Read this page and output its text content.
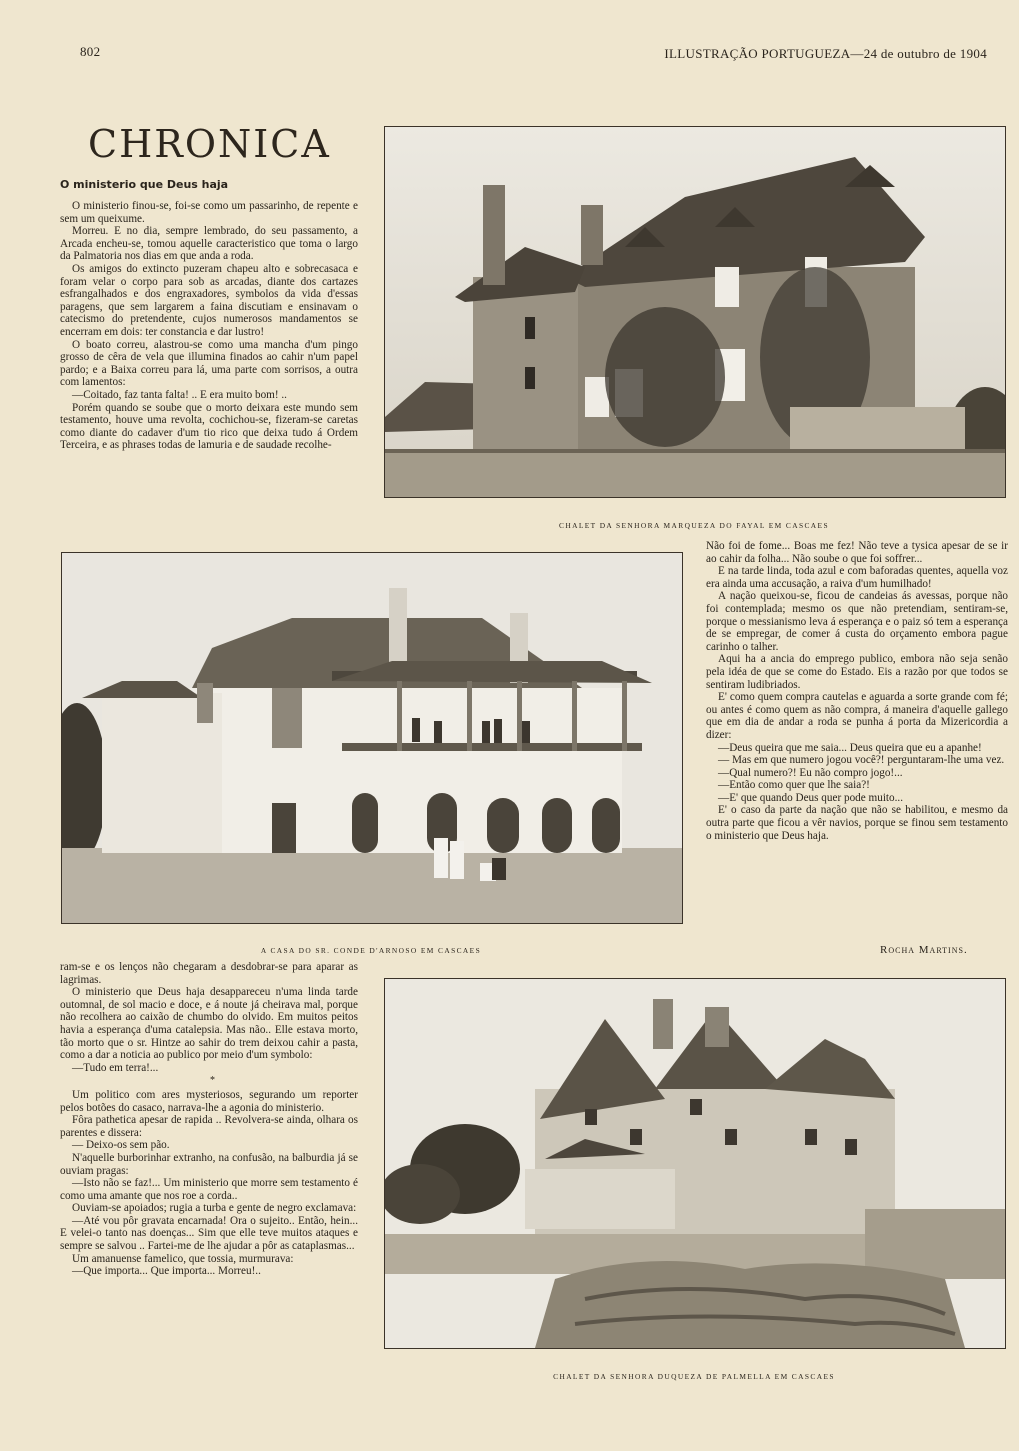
802	ILLUSTRAÇÃO PORTUGUEZA—24 de outubro de 1904
CHRONICA
O ministerio que Deus haja

O ministerio finou-se, foi-se como um passarinho, de repente e sem um queixume.

Morreu. E no dia, sempre lembrado, do seu passamento, a Arcada encheu-se, tomou aquelle caracteristico que toma o largo da Palmatoria nos dias em que anda a roda.

Os amigos do extincto puzeram chapeu alto e sobrecasaca e foram velar o corpo para sob as arcadas, diante dos cartazes esfrangalhados e dos engraxadores, symbolos da vida d'essas paragens, que sem largarem a faina discutiam e ensinavam o catecismo do pretendente, cujos numerosos mandamentos se encerram em dois: ter constancia e dar lustro!

O boato correu, alastrou-se como uma mancha d'um pingo grosso de cêra de vela que illumina finados ao cahir n'um papel pardo; e a Baixa correu para lá, uma parte com sorrisos, a outra com lamentos:

—Coitado, faz tanta falta! .. E era muito bom! ..

Porém quando se soube que o morto deixara este mundo sem testamento, houve uma revolta, cochichou-se, fizeram-se caretas como diante do cadaver d'um tio rico que deixa tudo á Ordem Terceira, e as phrases todas de lamuria e de saudade recolhe-

CHALET DA SENHORA MARQUEZA DO FAYAL EM CASCAES
A CASA DO SR. CONDE D'ARNOSO EM CASCAES

Não foi de fome... Boas me fez! Não teve a tysica apesar de se ir ao cahir da folha... Não soube o que foi soffrer...

E na tarde linda, toda azul e com baforadas quentes, aquella voz era ainda uma accusação, a raiva d'um humilhado!

A nação queixou-se, ficou de candeias ás avessas, porque não foi contemplada; mesmo os que não pretendiam, sentiram-se, porque o messianismo leva á esperança e o paiz só tem a esperança de se empregar, de comer á custa do orçamento embora pague carinho o talher.

Aqui ha a ancia do emprego publico, embora não seja senão pela idéa de que se come do Estado. Eis a razão por que todos se sentiram ludibriados.

E' como quem compra cautelas e aguarda a sorte grande com fé; ou antes é como quem as não compra, á maneira d'aquelle gallego que em dia de andar a roda se punha á porta da Mizericordia a dizer:

—Deus queira que me saia... Deus queira que eu a apanhe!

— Mas em que numero jogou você?! perguntaram-lhe uma vez.

—Qual numero?! Eu não compro jogo!...

—Então como quer que lhe saia?!

—E' que quando Deus quer pode muito...

E' o caso da parte da nação que não se habilitou, e mesmo da outra parte que ficou a vêr navios, porque se finou sem testamento o ministerio que Deus haja.

Rocha Martins.

ram-se e os lenços não chegaram a desdobrar-se para aparar as lagrimas.

O ministerio que Deus haja desappareceu n'uma linda tarde outomnal, de sol macio e doce, e á noute já cheirava mal, porque não recolhera ao caixão de chumbo do olvido. Em muitos peitos havia a esperança d'uma catalepsia. Mas não.. Elle estava morto, tão morto que o sr. Hintze ao sahir do trem deixou cahir a pasta, como a dar a noticia ao publico por meio d'um symbolo:

—Tudo em terra!...

*

Um politico com ares mysteriosos, segurando um reporter pelos botões do casaco, narrava-lhe a agonia do ministerio.

Fôra pathetica apesar de rapida .. Revolvera-se ainda, olhara os parentes e dissera:

— Deixo-os sem pão.

N'aquelle burborinhar extranho, na confusão, na balburdia já se ouviam pragas:

—Isto não se faz!... Um ministerio que morre sem testamento é como uma amante que nos roe a corda..

Ouviam-se apoiados; rugia a turba e gente de negro exclamava:

—Até vou pôr gravata encarnada! Ora o sujeito.. Então, hein... E velei-o tanto nas doenças... Sim que elle teve muitos ataques e sempre se salvou .. Fartei-me de lhe ajudar a pôr as cataplasmas...

Um amanuense famelico, que tossia, murmurava:

—Que importa... Que importa... Morreu!..

CHALET DA SENHORA DUQUEZA DE PALMELLA EM CASCAES
